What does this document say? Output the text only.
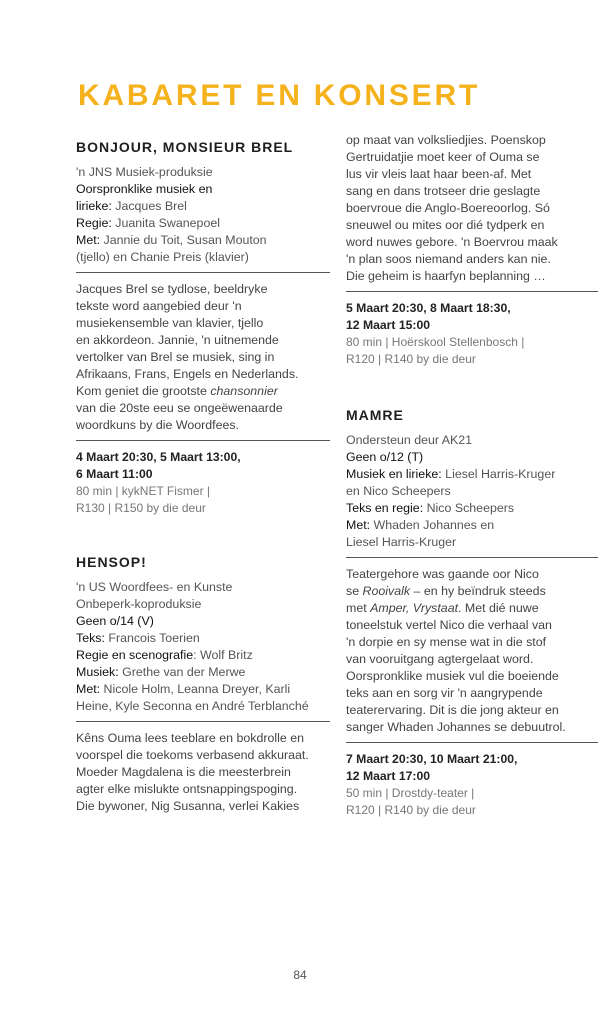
KABARET EN KONSERT
BONJOUR, MONSIEUR BREL
'n JNS Musiek-produksie
Oorspronklike musiek en
lirieke: Jacques Brel
Regie: Juanita Swanepoel
Met: Jannie du Toit, Susan Mouton
(tjello) en Chanie Preis (klavier)
Jacques Brel se tydlose, beeldryke
tekste word aangebied deur 'n
musiekensemble van klavier, tjello
en akkordeon. Jannie, 'n uitnemende
vertolker van Brel se musiek, sing in
Afrikaans, Frans, Engels en Nederlands.
Kom geniet die grootste chansonnier
van die 20ste eeu se ongeëwenaarde
woordkuns by die Woordfees.
4 Maart 20:30, 5 Maart 13:00,
6 Maart 11:00
80 min | kykNET Fismer |
R130 | R150 by die deur
HENSOP!
'n US Woordfees- en Kunste
Onbeperk-koproduksie
Geen o/14 (V)
Teks: Francois Toerien
Regie en scenografie: Wolf Britz
Musiek: Grethe van der Merwe
Met: Nicole Holm, Leanna Dreyer, Karli
Heine, Kyle Seconna en André Terblanché
Kêns Ouma lees teeblare en bokdrolle en
voorspel die toekoms verbasend akkuraat.
Moeder Magdalena is die meesterbrein
agter elke mislukte ontsnappingspoging.
Die bywoner, Nig Susanna, verlei Kakies
op maat van volksliedjies. Poenskop
Gertruidatjie moet keer of Ouma se
lus vir vleis laat haar been-af. Met
sang en dans trotseer drie geslagte
boervroue die Anglo-Boereoorlog. Só
sneuwel ou mites oor dié tydperk en
word nuwes gebore. 'n Boervrou maak
'n plan soos niemand anders kan nie.
Die geheim is haarfyn beplanning …
5 Maart 20:30, 8 Maart 18:30,
12 Maart 15:00
80 min | Hoërskool Stellenbosch |
R120 | R140 by die deur
MAMRE
Ondersteun deur AK21
Geen o/12 (T)
Musiek en lirieke: Liesel Harris-Kruger
en Nico Scheepers
Teks en regie: Nico Scheepers
Met: Whaden Johannes en
Liesel Harris-Kruger
Teatergehore was gaande oor Nico
se Rooivalk – en hy beïndruk steeds
met Amper, Vrystaat. Met dié nuwe
toneelstuk vertel Nico die verhaal van
'n dorpie en sy mense wat in die stof
van vooruitgang agtergelaat word.
Oorspronklike musiek vul die boeiende
teks aan en sorg vir 'n aangrypende
teaterervaring. Dit is die jong akteur en
sanger Whaden Johannes se debuutrol.
7 Maart 20:30, 10 Maart 21:00,
12 Maart 17:00
50 min | Drostdy-teater |
R120 | R140 by die deur
84
